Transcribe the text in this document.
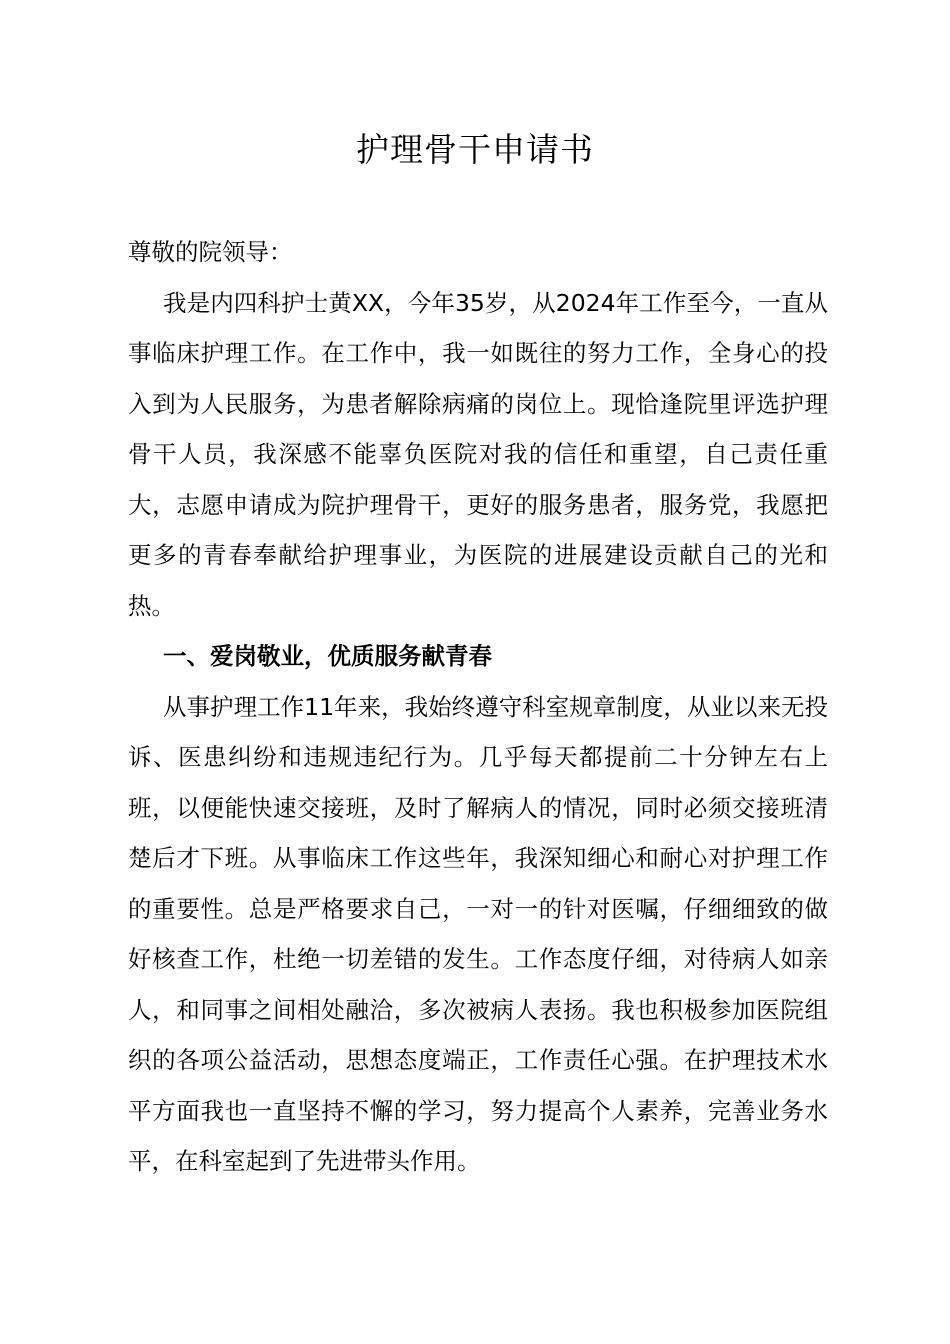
护理骨干申请书

尊敬的院领导：

我是内四科护士黄XX，今年35岁，从2024年工作至今，一直从事临床护理工作。在工作中，我一如既往的努力工作，全身心的投入到为人民服务，为患者解除病痛的岗位上。现恰逢院里评选护理骨干人员，我深感不能辜负医院对我的信任和重望，自己责任重大，志愿申请成为院护理骨干，更好的服务患者，服务党，我愿把更多的青春奉献给护理事业，为医院的进展建设贡献自己的光和热。

一、爱岗敬业，优质服务献青春

从事护理工作11年来，我始终遵守科室规章制度，从业以来无投诉、医患纠纷和违规违纪行为。几乎每天都提前二十分钟左右上班，以便能快速交接班，及时了解病人的情况，同时必须交接班清楚后才下班。从事临床工作这些年，我深知细心和耐心对护理工作的重要性。总是严格要求自己，一对一的针对医嘱，仔细细致的做好核查工作，杜绝一切差错的发生。工作态度仔细，对待病人如亲人，和同事之间相处融洽，多次被病人表扬。我也积极参加医院组织的各项公益活动，思想态度端正，工作责任心强。在护理技术水平方面我也一直坚持不懈的学习，努力提高个人素养，完善业务水平，在科室起到了先进带头作用。
